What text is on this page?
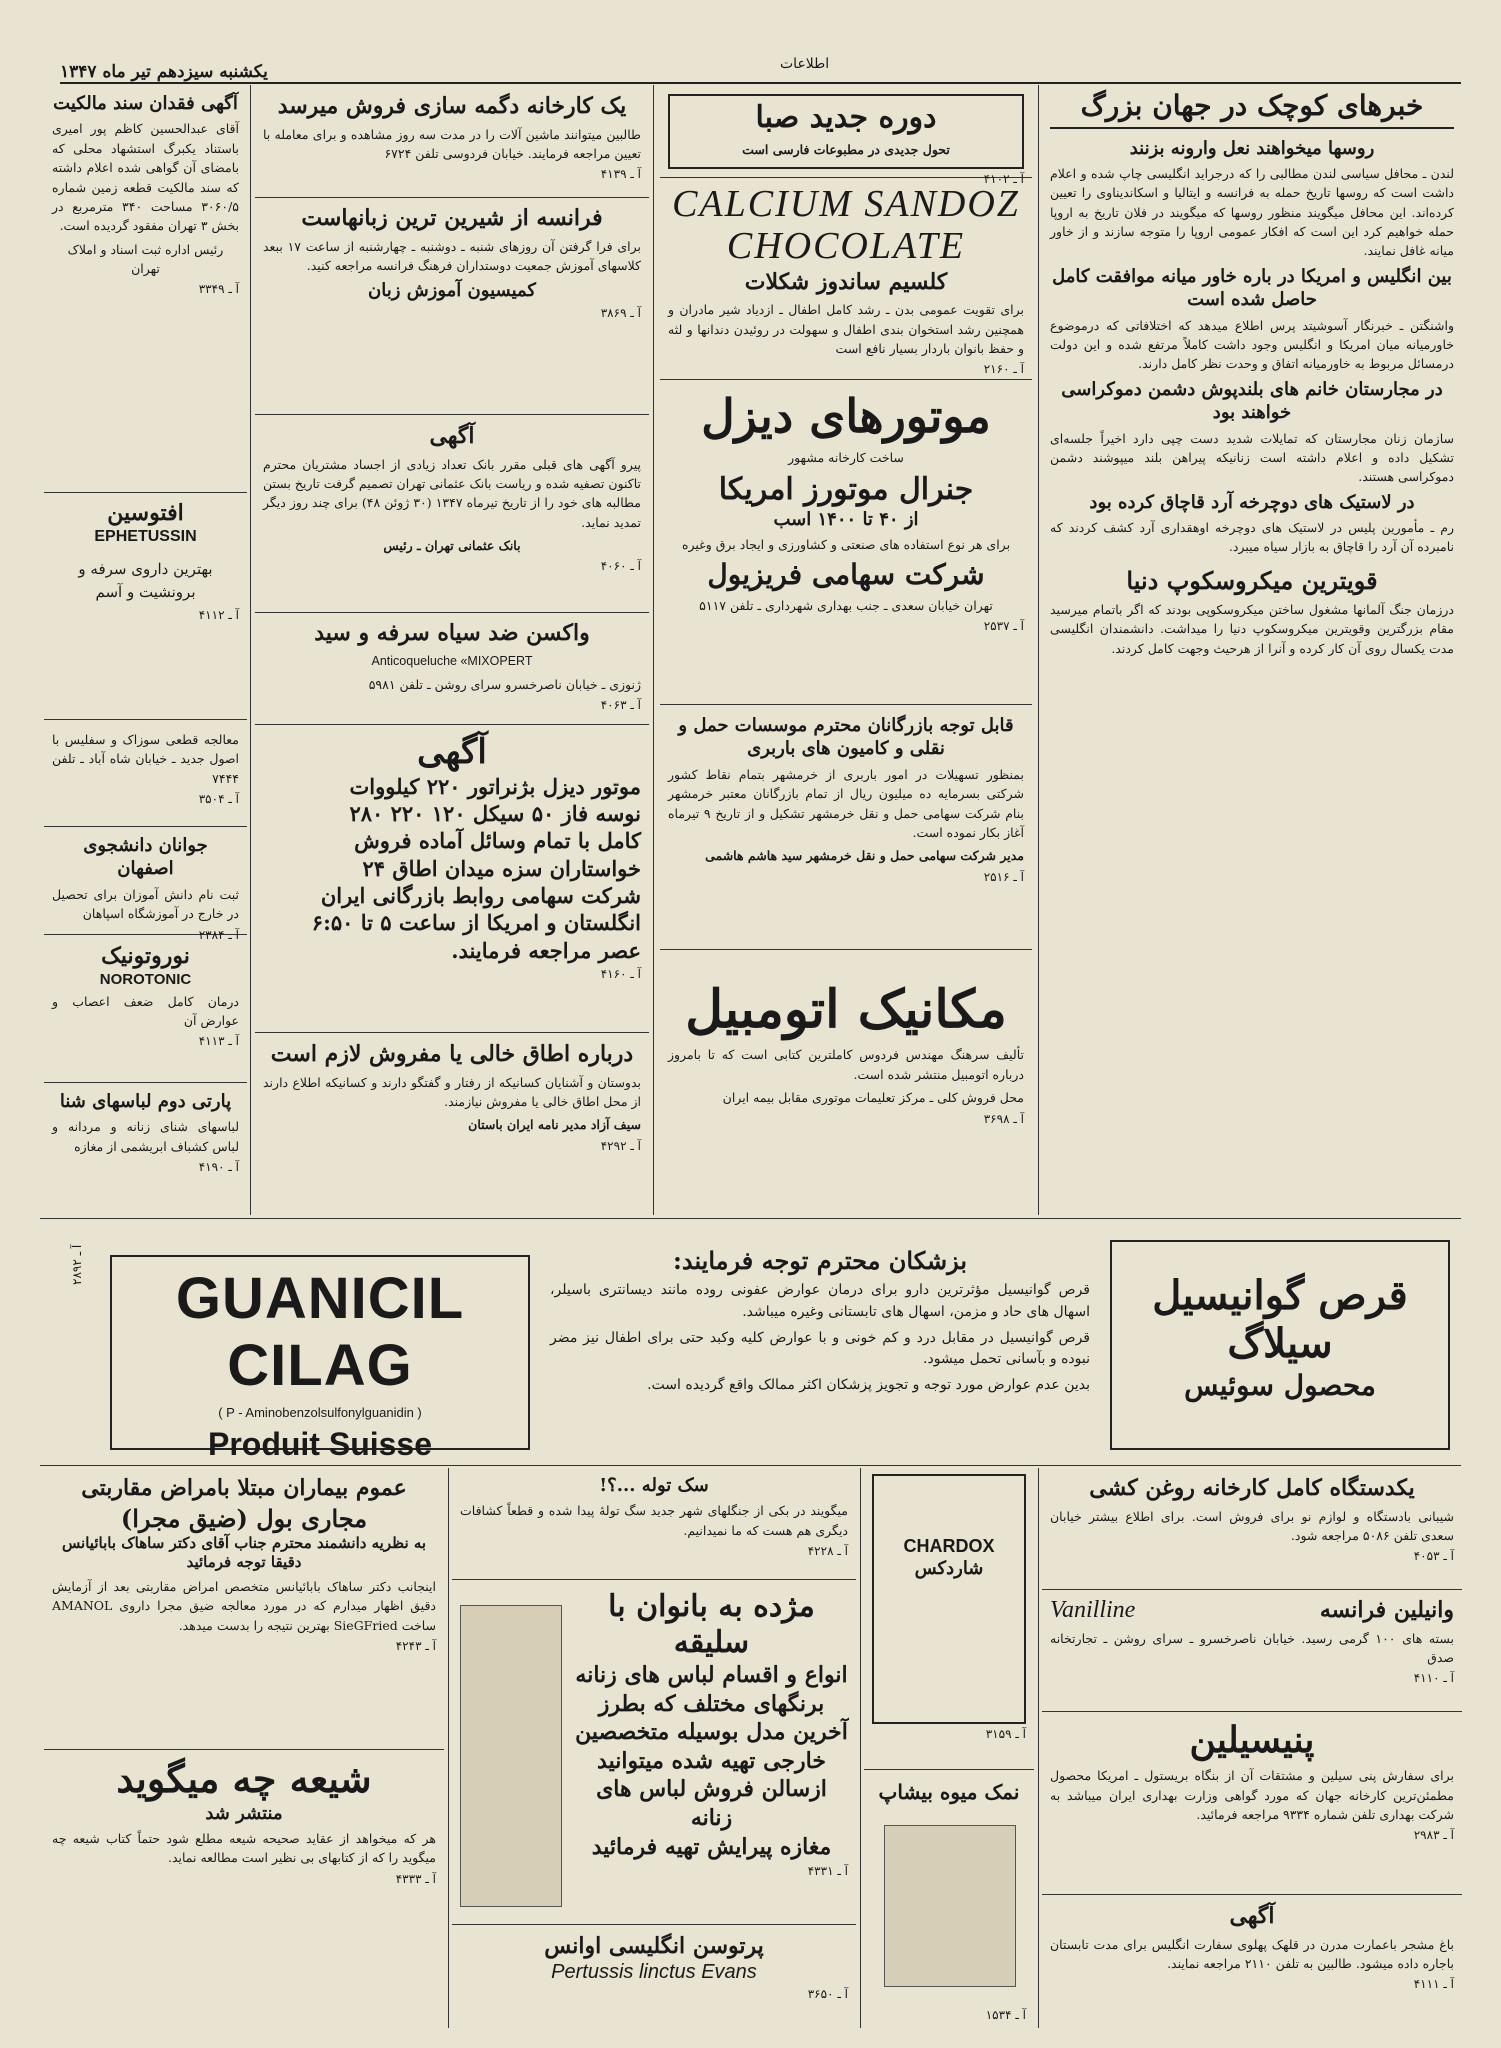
یکشنبه سیزدهم تیر ماه ۱۳۴۷	اطلاعات
خبرهای کوچک در جهان بزرگ
روسها میخواهند نعل وارونه بزنند
لندن ـ محافل سیاسی لندن مطالبی را که درجراید انگلیسی چاپ شده و اعلام داشت است که روسها تاریخ حمله به فرانسه و ایتالیا و اسکاندیناوی را تعیین کرده‌اند. این محافل میگویند منظور روسها که میگویند در فلان تاریخ به اروپا حمله خواهیم کرد این است که افکار عمومی اروپا را متوجه سازند و از خاور میانه غافل نمایند.
بین انگلیس و امریکا در باره خاور میانه موافقت کامل حاصل شده است
واشنگتن ـ خبرنگار آسوشیتد پرس اطلاع میدهد که اختلافاتی که درموضوع خاورمیانه میان امریکا و انگلیس وجود داشت کاملاً مرتفع شده و این دولت درمسائل مربوط به خاورمیانه اتفاق و وحدت نظر کامل دارند.
در مجارستان خانم های بلندپوش دشمن دموکراسی خواهند بود
سازمان زنان مجارستان که تمایلات شدید دست چپی دارد اخیراً جلسه‌ای تشکیل داده و اعلام داشته است زنانیکه پیراهن بلند میپوشند دشمن دموکراسی هستند.
در لاستیک های دوچرخه آرد قاچاق کرده بود
رم ـ مأمورین پلیس در لاستیک های دوچرخه اوهقداری آرد کشف کردند که نامبرده آن آرد را قاچاق به بازار سیاه میبرد.
قویترین میکروسکوپ دنیا
درزمان جنگ آلمانها مشغول ساختن میکروسکوپی بودند که اگر باتمام میرسید مقام بزرگترین وقویترین میکروسکوپ دنیا را میداشت. دانشمندان انگلیسی مدت یکسال روی آن کار کرده و آنرا از هرحیث وجهت کامل کردند.
دوره جدید صبا
تحول جدیدی در مطبوعات فارسی است
آ ـ ۴۱۰۲
CALCIUM SANDOZ
CHOCOLATE
کلسیم ساندوز شکلات
برای تقویت عمومی بدن ـ رشد کامل اطفال ـ ازدیاد شیر مادران و همچنین رشد استخوان بندی اطفال و سهولت در روئیدن دندانها و لثه و حفظ بانوان باردار بسیار نافع است
آ ـ ۲۱۶۰
موتورهای دیزل
ساخت کارخانه مشهور
جنرال موتورز امریکا
از ۴۰ تا ۱۴۰۰ اسب
برای هر نوع استفاده های صنعتی و کشاورزی و ایجاد برق وغیره
شرکت سهامی فریزیول
تهران خیابان سعدی ـ جنب بهداری شهرداری ـ تلفن ۵۱۱۷
آ ـ ۲۵۳۷
قابل توجه بازرگانان محترم موسسات حمل و نقلی و کامیون های باربری
بمنظور تسهیلات در امور باربری از خرمشهر بتمام نقاط کشور شرکتی بسرمایه ده میلیون ریال از تمام بازرگانان معتبر خرمشهر بنام شرکت سهامی حمل و نقل خرمشهر تشکیل و از تاریخ ۹ تیرماه آغاز بکار نموده است.
مدیر شرکت سهامی حمل و نقل خرمشهر سید هاشم هاشمی
آ ـ ۲۵۱۶
مکانیک اتومبیل
تألیف سرهنگ مهندس فردوس کاملترین کتابی است که تا بامروز درباره اتومبیل منتشر شده است.
محل فروش کلی ـ مرکز تعلیمات موتوری مقابل بیمه ایران
آ ـ ۳۶۹۸
یک کارخانه دگمه سازی فروش میرسد
طالبین میتوانند ماشین آلات را در مدت سه روز مشاهده و برای معامله با تعیین مراجعه فرمایند. خیابان فردوسی تلفن ۶۷۲۴
آ ـ ۴۱۳۹
فرانسه از شیرین ترین زبانهاست
برای فرا گرفتن آن روزهای شنبه ـ دوشنبه ـ چهارشنبه از ساعت ۱۷ ببعد کلاسهای آموزش جمعیت دوستداران فرهنگ فرانسه مراجعه کنید.
کمیسیون آموزش زبان
آ ـ ۳۸۶۹
آگهی
پیرو آگهی های قبلی مقرر بانک تعداد زیادی از اجساد مشتریان محترم تاکنون تصفیه شده و ریاست بانک عثمانی تهران تصمیم گرفت تاریخ بستن مطالبه های خود را از تاریخ تیرماه ۱۳۴۷ (۳۰ ژوئن ۴۸) برای چند روز دیگر تمدید نماید.
بانک عثمانی تهران ـ رئیس
آ ـ ۴۰۶۰
واکسن ضد سیاه سرفه و سید
Anticoqueluche «MIXOPERT
ژنوزی ـ خیابان ناصرخسرو سرای روشن ـ تلفن ۵۹۸۱
آ ـ ۴۰۶۳
آگهی
موتور دیزل بژنراتور ۲۲۰ کیلووات
نوسه فاز ۵۰ سیکل ۱۲۰ ۲۲۰ ۲۸۰
کامل با تمام وسائل آماده فروش
خواستاران سزه میدان اطاق ۲۴
شرکت سهامی روابط بازرگانی ایران
انگلستان و امریکا از ساعت ۵ تا ۶:۵۰
عصر مراجعه فرمایند.
آ ـ ۴۱۶۰
درباره اطاق خالی یا مفروش لازم است
بدوستان و آشنایان کسانیکه از رفتار و گفتگو دارند و کسانیکه اطلاع دارند از محل اطاق خالی یا مفروش نیازمند.
سیف آزاد مدیر نامه ایران باستان
آ ـ ۴۲۹۲
آگهی فقدان سند مالکیت
آقای عبدالحسین کاظم پور امیری باستناد یکبرگ استشهاد محلی که بامضای آن گواهی شده اعلام داشته که سند مالکیت قطعه زمین شماره ۳۰۶۰/۵ مساحت ۳۴۰ مترمربع در بخش ۳ تهران مفقود گردیده است.
رئیس اداره ثبت اسناد و املاک تهران
آ ـ ۳۳۴۹
افتوسین
EPHETUSSIN
بهترین داروی سرفه و برونشیت و آسم
آ ـ ۴۱۱۲
معالجه قطعی سوزاک و سفلیس با اصول جدید ـ خیابان شاه آباد ـ تلفن ۷۴۴۴
آ ـ ۳۵۰۴
جوانان دانشجوی اصفهان
ثبت نام دانش آموزان برای تحصیل در خارج در آموزشگاه اسپاهان
آ ـ ۲۳۸۴
نوروتونیک
NOROTONIC
درمان کامل ضعف اعصاب و عوارض آن
آ ـ ۴۱۱۳
پارتی دوم لباسهای شنا
لباسهای شنای زنانه و مردانه و لباس کشباف ابریشمی از مغازه
آ ـ ۴۱۹۰
GUANICIL CILAG
( P - Aminobenzolsulfonylguanidin )
Produit Suisse
بزشکان محترم توجه فرمایند:
قرص گوانیسیل مؤثرترین دارو برای درمان عوارض عفونی روده مانند دیسانتری باسیلر، اسهال های حاد و مزمن، اسهال های تابستانی وغیره میباشد.
قرص گوانیسیل در مقابل درد و کم خونی و با عوارض کلیه وکبد حتی برای اطفال نیز مضر نبوده و بآسانی تحمل میشود.
بدین عدم عوارض مورد توجه و تجویز پزشکان اکثر ممالک واقع گردیده است.
قرص گوانیسیل سیلاگ
محصول سوئیس
آ ـ ۲۸۹۲
عموم بیماران مبتلا بامراض مقاربتی
مجاری بول (ضیق مجرا)
به نظریه دانشمند محترم جناب آقای دکتر ساهاک بابائیانس دقیقا توجه فرمائید
اینجانب دکتر ساهاک بابائیانس متخصص امراض مقاربتی بعد از آزمایش دقیق اظهار میدارم که در مورد معالجه ضیق مجرا داروی AMANOL ساخت SieGFried بهترین نتیجه را بدست میدهد.
آ ـ ۴۲۴۳
شیعه چه میگوید
منتشر شد
هر که میخواهد از عقاید صحیحه شیعه مطلع شود حتماً کتاب شیعه چه میگوید را که از کتابهای بی نظیر است مطالعه نماید.
آ ـ ۴۳۳۳
سک توله ...؟!
میگویند در بکی از جنگلهای شهر جدید سگ تولهٔ پیدا شده و قطعاً کشافات دیگری هم هست که ما نمیدانیم.
آ ـ ۴۲۲۸
مژده به بانوان با سلیقه
انواع و اقسام لباس های زنانه
برنگهای مختلف که بطرز
آخرین مدل بوسیله متخصصین
خارجی تهیه شده میتوانید
ازسالن فروش لباس های زنانه
مغازه پیرایش تهیه فرمائید
آ ـ ۴۳۳۱
پرتوسن انگلیسی اوانس
Pertussis linctus Evans
آ ـ ۳۶۵۰
CHARDOX
شاردکس
آ ـ ۳۱۵۹
نمک میوه بیشاپ
آ ـ ۱۵۳۴
یکدستگاه کامل کارخانه روغن کشی
شیبانی بادستگاه و لوازم نو برای فروش است. برای اطلاع بیشتر خیابان سعدی تلفن ۵۰۸۶ مراجعه شود.
آ ـ ۴۰۵۳
وانیلین فرانسه
Vanilline
بسته های ۱۰۰ گرمی رسید. خیابان ناصرخسرو ـ سرای روشن ـ تجارتخانه صدق
آ ـ ۴۱۱۰
پنیسیلین
برای سفارش پنی سیلین و مشتقات آن از بنگاه بریستول ـ امریکا محصول مطمئن‌ترین کارخانه جهان که مورد گواهی وزارت بهداری ایران میباشد به شرکت بهداری تلفن شماره ۹۳۳۴ مراجعه فرمائید.
آ ـ ۲۹۸۳
آگهی
باغ مشجر باعمارت مدرن در قلهک پهلوی سفارت انگلیس برای مدت تابستان باجاره داده میشود. طالبین به تلفن ۲۱۱۰ مراجعه نمایند.
آ ـ ۴۱۱۱
